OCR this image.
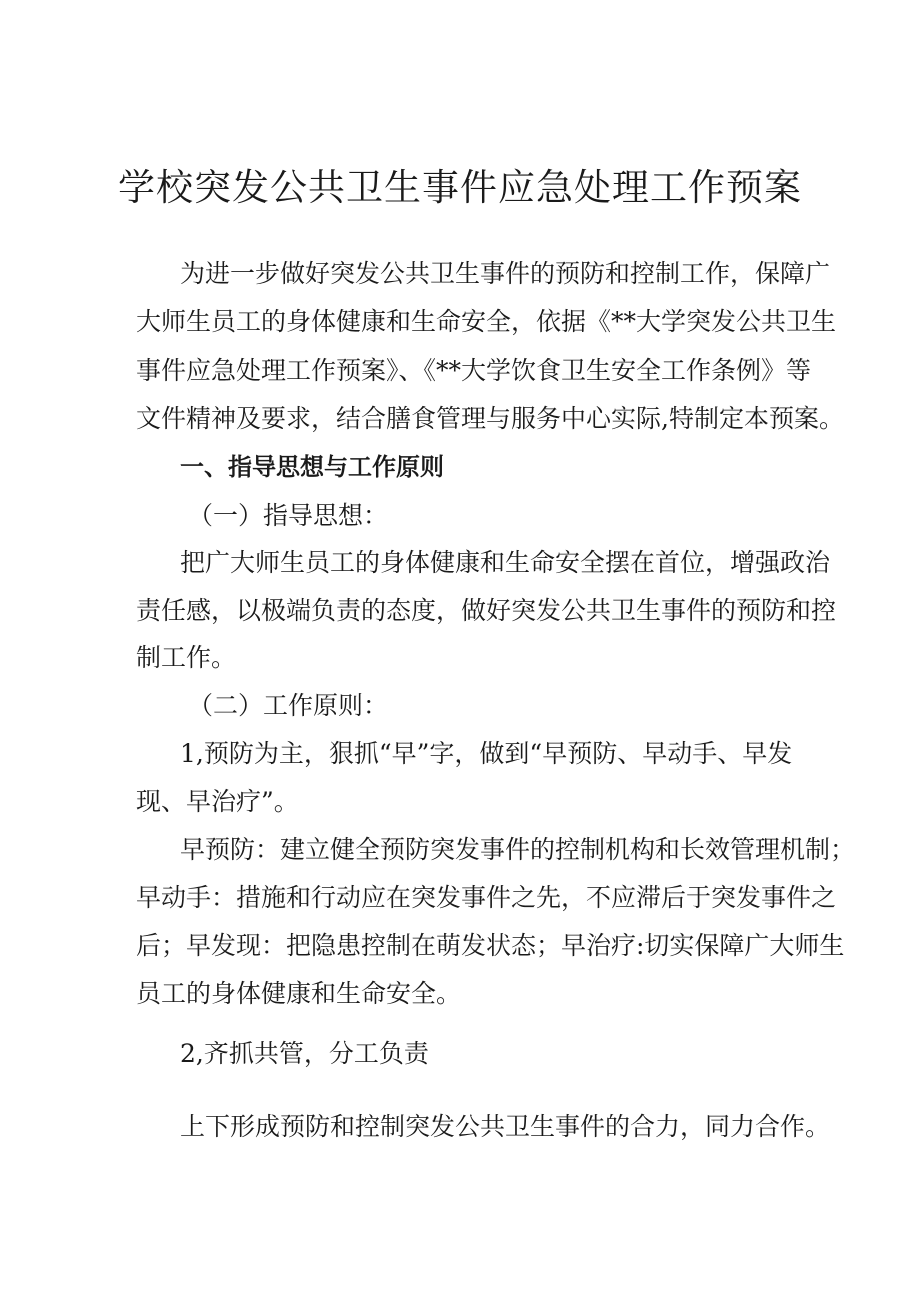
学校突发公共卫生事件应急处理工作预案

为进一步做好突发公共卫生事件的预防和控制工作，保障广

大师生员工的身体健康和生命安全，依据《**大学突发公共卫生

事件应急处理工作预案》、《**大学饮食卫生安全工作条例》等

文件精神及要求，结合膳食管理与服务中心实际,特制定本预案。

一、指导思想与工作原则

（一）指导思想：

把广大师生员工的身体健康和生命安全摆在首位，增强政治

责任感，以极端负责的态度，做好突发公共卫生事件的预防和控

制工作。

（二）工作原则：

1,预防为主，狠抓“早”字，做到“早预防、早动手、早发

现、早治疗”。

早预防：建立健全预防突发事件的控制机构和长效管理机制；

早动手：措施和行动应在突发事件之先，不应滞后于突发事件之

后；早发现：把隐患控制在萌发状态；早治疗:切实保障广大师生

员工的身体健康和生命安全。

2,齐抓共管，分工负责

上下形成预防和控制突发公共卫生事件的合力，同力合作。
